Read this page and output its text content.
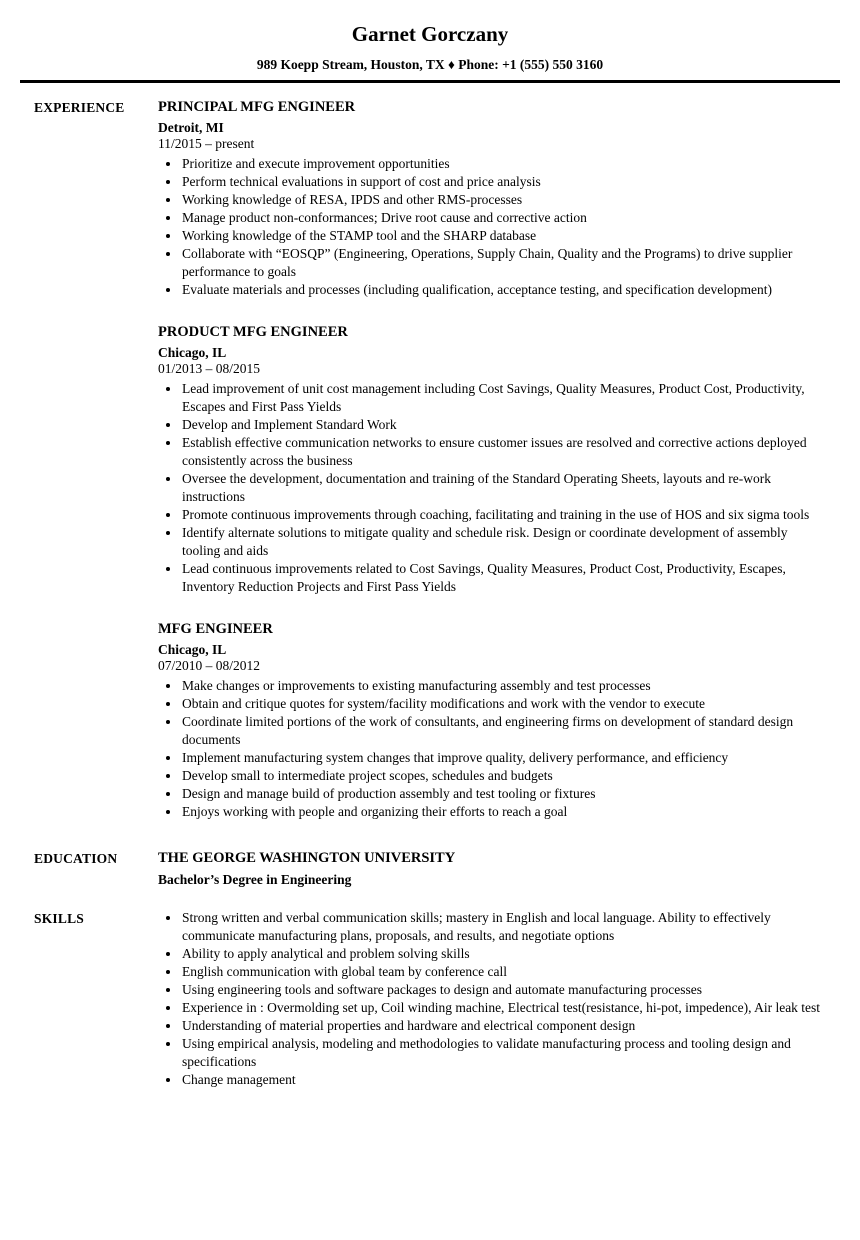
Garnet Gorczany
989 Koepp Stream, Houston, TX ♦ Phone: +1 (555) 550 3160
EXPERIENCE	PRINCIPAL MFG ENGINEER
Detroit, MI
11/2015 – present
• Prioritize and execute improvement opportunities
• Perform technical evaluations in support of cost and price analysis
• Working knowledge of RESA, IPDS and other RMS-processes
• Manage product non-conformances; Drive root cause and corrective action
• Working knowledge of the STAMP tool and the SHARP database
• Collaborate with “EOSQP” (Engineering, Operations, Supply Chain, Quality and the Programs) to drive supplier performance to goals
• Evaluate materials and processes (including qualification, acceptance testing, and specification development)
PRODUCT MFG ENGINEER
Chicago, IL
01/2013 – 08/2015
• Lead improvement of unit cost management including Cost Savings, Quality Measures, Product Cost, Productivity, Escapes and First Pass Yields
• Develop and Implement Standard Work
• Establish effective communication networks to ensure customer issues are resolved and corrective actions deployed consistently across the business
• Oversee the development, documentation and training of the Standard Operating Sheets, layouts and re-work instructions
• Promote continuous improvements through coaching, facilitating and training in the use of HOS and six sigma tools
• Identify alternate solutions to mitigate quality and schedule risk. Design or coordinate development of assembly tooling and aids
• Lead continuous improvements related to Cost Savings, Quality Measures, Product Cost, Productivity, Escapes, Inventory Reduction Projects and First Pass Yields
MFG ENGINEER
Chicago, IL
07/2010 – 08/2012
• Make changes or improvements to existing manufacturing assembly and test processes
• Obtain and critique quotes for system/facility modifications and work with the vendor to execute
• Coordinate limited portions of the work of consultants, and engineering firms on development of standard design documents
• Implement manufacturing system changes that improve quality, delivery performance, and efficiency
• Develop small to intermediate project scopes, schedules and budgets
• Design and manage build of production assembly and test tooling or fixtures
• Enjoys working with people and organizing their efforts to reach a goal
EDUCATION	THE GEORGE WASHINGTON UNIVERSITY
Bachelor’s Degree in Engineering
SKILLS	• Strong written and verbal communication skills; mastery in English and local language. Ability to effectively communicate manufacturing plans, proposals, and results, and negotiate options
• Ability to apply analytical and problem solving skills
• English communication with global team by conference call
• Using engineering tools and software packages to design and automate manufacturing processes
• Experience in : Overmolding set up, Coil winding machine, Electrical test(resistance, hi-pot, impedence), Air leak test
• Understanding of material properties and hardware and electrical component design
• Using empirical analysis, modeling and methodologies to validate manufacturing process and tooling design and specifications
• Change management
